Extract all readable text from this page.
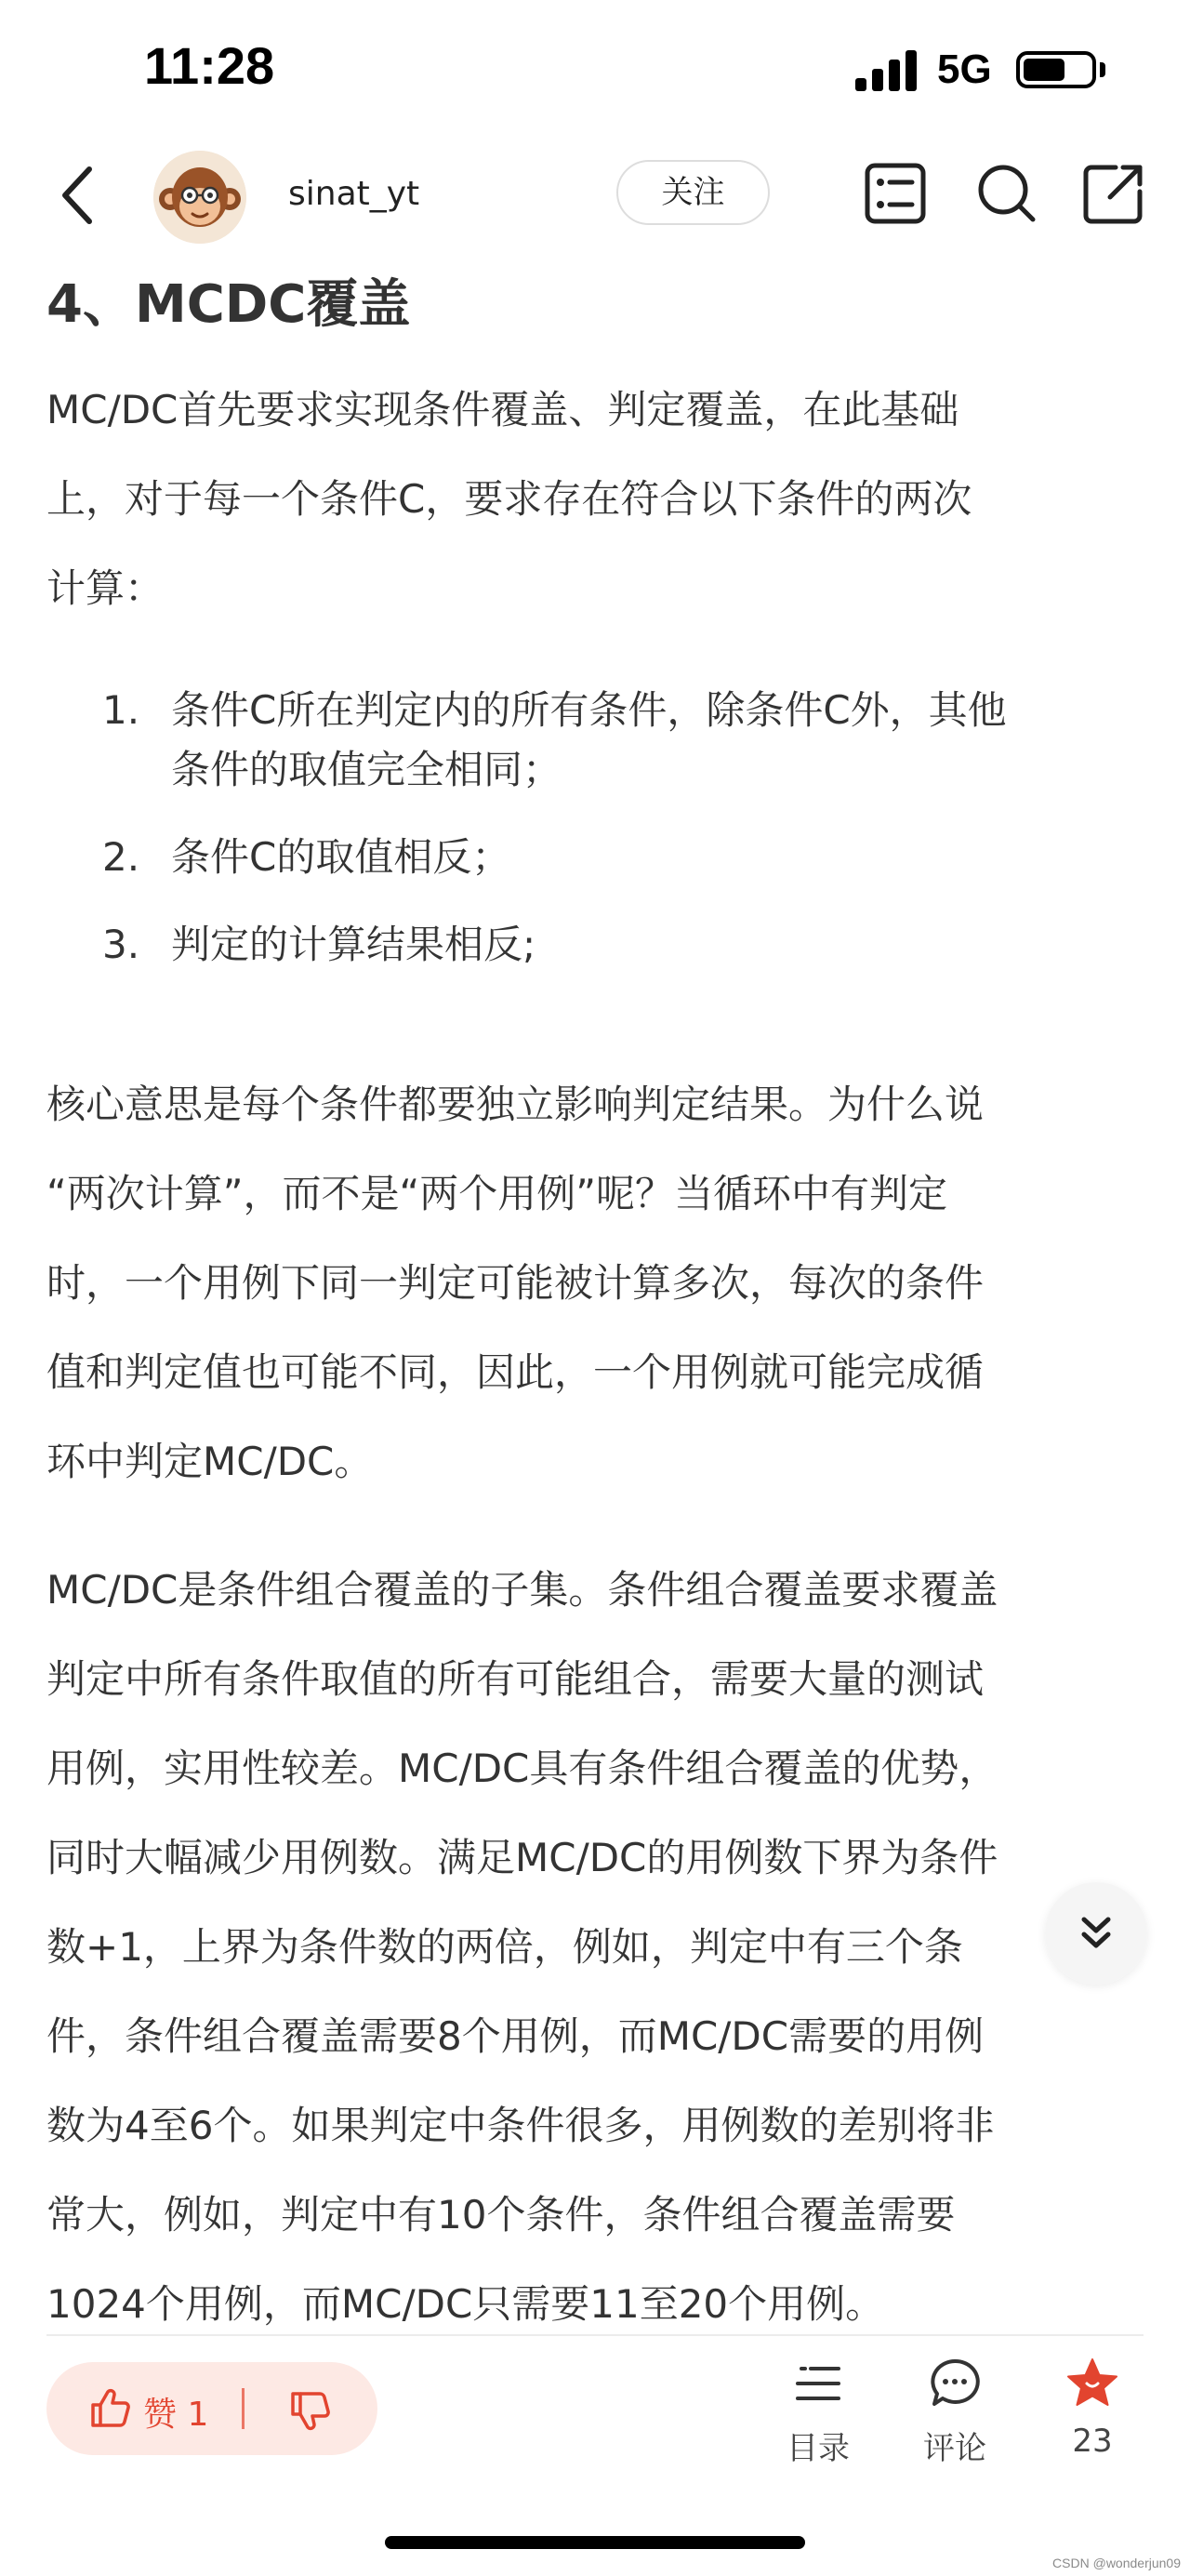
11:28	5G
sinat_yt	关注
4、MCDC覆盖

MC/DC首先要求实现条件覆盖、判定覆盖，在此基础
上，对于每一个条件C，要求存在符合以下条件的两次
计算：

1. 条件C所在判定内的所有条件，除条件C外，其他
条件的取值完全相同；
2. 条件C的取值相反；
3. 判定的计算结果相反;

核心意思是每个条件都要独立影响判定结果。为什么说
“两次计算”，而不是“两个用例”呢？当循环中有判定
时，一个用例下同一判定可能被计算多次，每次的条件
值和判定值也可能不同，因此，一个用例就可能完成循
环中判定MC/DC。

MC/DC是条件组合覆盖的子集。条件组合覆盖要求覆盖
判定中所有条件取值的所有可能组合，需要大量的测试
用例，实用性较差。MC/DC具有条件组合覆盖的优势，
同时大幅减少用例数。满足MC/DC的用例数下界为条件
数+1，上界为条件数的两倍，例如，判定中有三个条
件，条件组合覆盖需要8个用例，而MC/DC需要的用例
数为4至6个。如果判定中条件很多，用例数的差别将非
常大，例如，判定中有10个条件，条件组合覆盖需要
1024个用例，而MC/DC只需要11至20个用例。

赞 1
目录	评论	23
CSDN @wonderjun09
